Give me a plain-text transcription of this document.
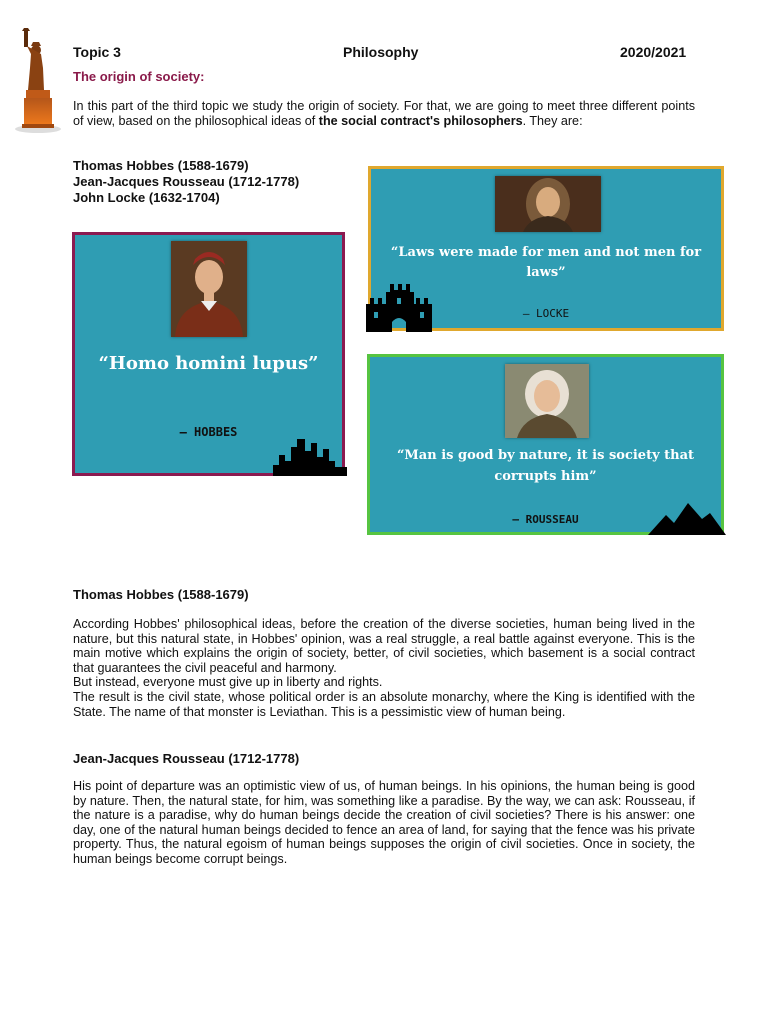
Topic 3	Philosophy	2020/2021
The origin of society:
In this part of the third topic we study the origin of society. For that, we are going to meet three different points of view, based on the philosophical ideas of the social contract's philosophers. They are:
Thomas Hobbes (1588-1679)
Jean-Jacques Rousseau (1712-1778)
John Locke (1632-1704)
“Homo homini lupus”
– HOBBES
“Laws were made for men and not men for laws”
– LOCKE
“Man is good by nature, it is society that corrupts him”
– ROUSSEAU
Thomas Hobbes (1588-1679)
According Hobbes' philosophical ideas, before the creation of the diverse societies, human being lived in the nature, but this natural state, in Hobbes' opinion, was a real struggle, a real battle against everyone. This is the main motive which explains the origin of society, better, of civil societies, which basement is a social contract that guarantees the civil peaceful and harmony.
But instead, everyone must give up in liberty and rights.
The result is the civil state, whose political order is an absolute monarchy, where the King is identified with the State. The name of that monster is Leviathan. This is a pessimistic view of human being.
Jean-Jacques Rousseau (1712-1778)
His point of departure was an optimistic view of us, of human beings. In his opinions, the human being is good by nature. Then, the natural state, for him, was something like a paradise. By the way, we can ask: Rousseau, if the nature is a paradise, why do human beings decide the creation of civil societies? There is his answer: one day, one of the natural human beings decided to fence an area of land, for saying that the fence was his private property. Thus, the natural egoism of human beings supposes the origin of civil societies. Once in society, the human beings become corrupt beings.
